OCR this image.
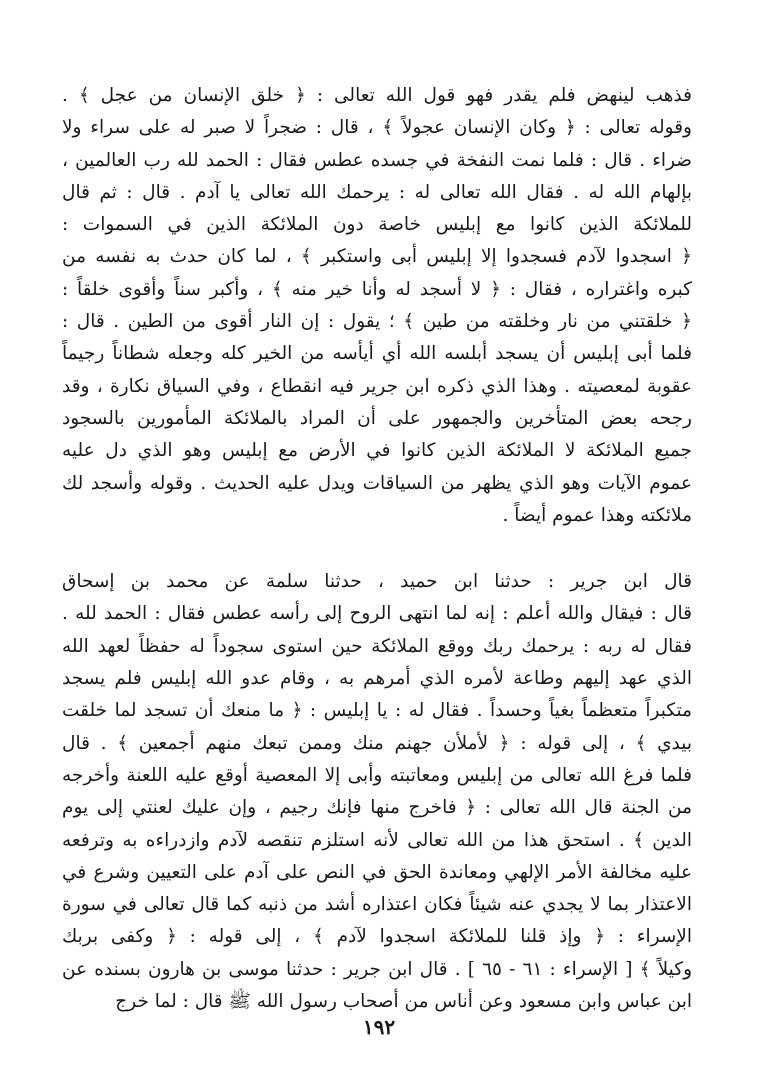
فذهب لينهض فلم يقدر فهو قول الله تعالى : ﴿ خلق الإنسان من عجل ﴾ .
وقوله تعالى : ﴿ وكان الإنسان عجولاً ﴾ ، قال : ضجراً لا صبر له على سراء ولا
ضراء . قال : فلما نمت النفخة في جسده عطس فقال : الحمد لله رب العالمين ،
بإلهام الله له . فقال الله تعالى له : يرحمك الله تعالى يا آدم . قال : ثم قال
للملائكة الذين كانوا مع إبليس خاصة دون الملائكة الذين في السموات :
﴿ اسجدوا لآدم فسجدوا إلا إبليس أبى واستكبر ﴾ ، لما كان حدث به نفسه من
كبره واغتراره ، فقال : ﴿ لا أسجد له وأنا خير منه ﴾ ، وأكبر سناً وأقوى خلقاً :
﴿ خلقتني من نار وخلقته من طين ﴾ ؛ يقول : إن النار أقوى من الطين . قال :
فلما أبى إبليس أن يسجد أبلسه الله أي أيأسه من الخير كله وجعله شطاناً رجيماً
عقوبة لمعصيته . وهذا الذي ذكره ابن جرير فيه انقطاع ، وفي السياق نكارة ، وقد
رجحه بعض المتأخرين والجمهور على أن المراد بالملائكة المأمورين بالسجود
جميع الملائكة لا الملائكة الذين كانوا في الأرض مع إبليس وهو الذي دل عليه
عموم الآيات وهو الذي يظهر من السياقات ويدل عليه الحديث . وقوله وأسجد لك
ملائكته وهذا عموم أيضاً .

قال ابن جرير : حدثنا ابن حميد ، حدثنا سلمة عن محمد بن إسحاق
قال : فيقال والله أعلم : إنه لما انتهى الروح إلى رأسه عطس فقال : الحمد لله .
فقال له ربه : يرحمك ربك ووقع الملائكة حين استوى سجوداً له حفظاً لعهد الله
الذي عهد إليهم وطاعة لأمره الذي أمرهم به ، وقام عدو الله إبليس فلم يسجد
متكبراً متعظماً بغياً وحسداً . فقال له : يا إبليس : ﴿ ما منعك أن تسجد لما خلقت
بيدي ﴾ ، إلى قوله : ﴿ لأملأن جهنم منك وممن تبعك منهم أجمعين ﴾ . قال
فلما فرغ الله تعالى من إبليس ومعاتبته وأبى إلا المعصية أوقع عليه اللعنة وأخرجه
من الجنة قال الله تعالى : ﴿ فاخرج منها فإنك رجيم ، وإن عليك لعنتي إلى يوم
الدين ﴾ . استحق هذا من الله تعالى لأنه استلزم تنقصه لآدم وازدراءه به وترفعه
عليه مخالفة الأمر الإلهي ومعاندة الحق في النص على آدم على التعيين وشرع في
الاعتذار بما لا يجدي عنه شيئاً فكان اعتذاره أشد من ذنبه كما قال تعالى في سورة
الإسراء : ﴿ وإذ قلنا للملائكة اسجدوا لآدم ﴾ ، إلى قوله : ﴿ وكفى بربك
وكيلاً ﴾ [ الإسراء : ٦١ - ٦٥ ] . قال ابن جرير : حدثنا موسى بن هارون بسنده عن
ابن عباس وابن مسعود وعن أناس من أصحاب رسول الله ﷺ قال : لما خرج

١٩٢
